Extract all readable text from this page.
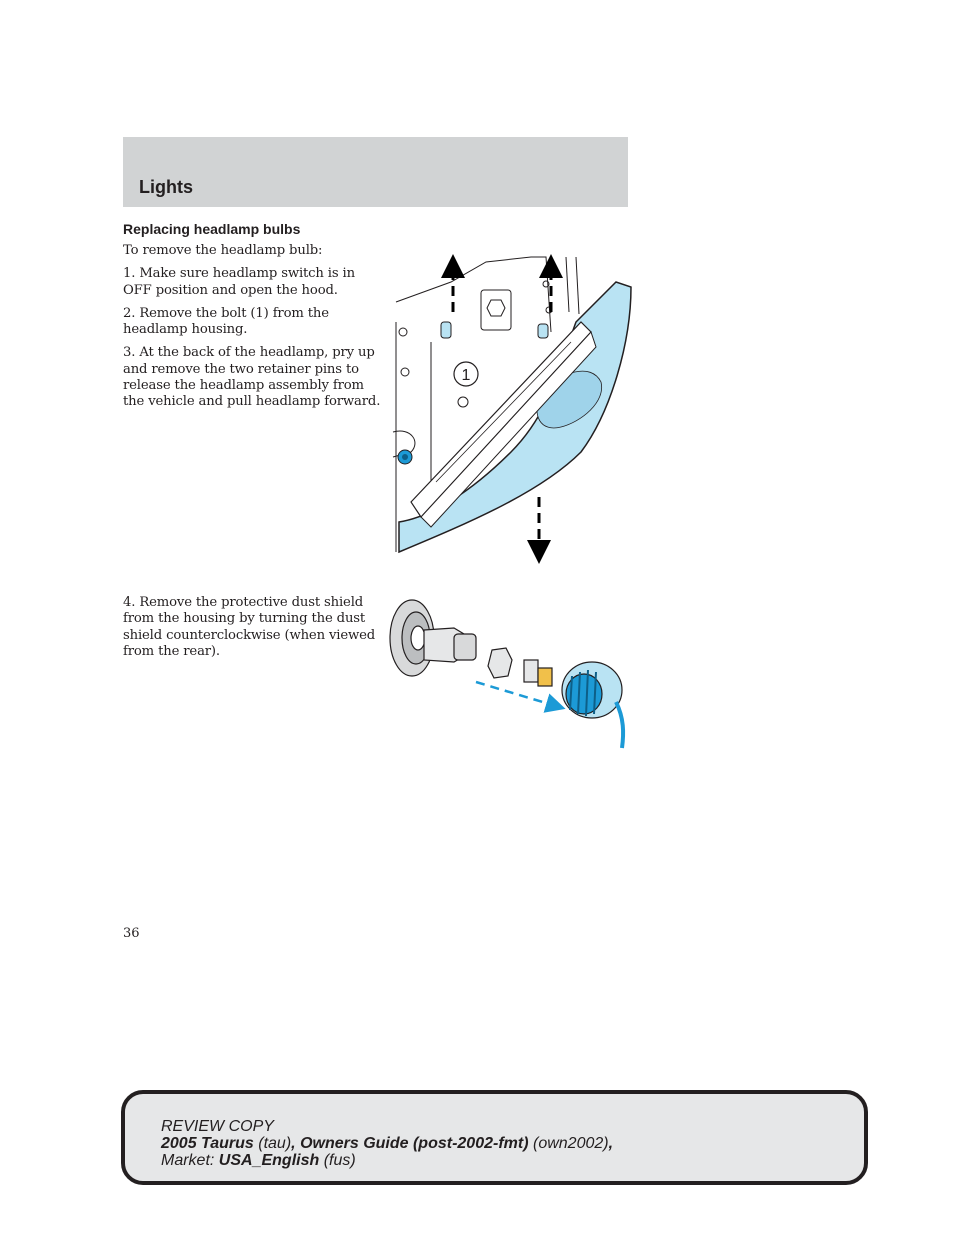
Lights
Replacing headlamp bulbs

To remove the headlamp bulb:

1. Make sure headlamp switch is in OFF position and open the hood.

2. Remove the bolt (1) from the headlamp housing.

3. At the back of the headlamp, pry up and remove the two retainer pins to release the headlamp assembly from the vehicle and pull headlamp forward.

4. Remove the protective dust shield from the housing by turning the dust shield counterclockwise (when viewed from the rear).

1
36
REVIEW COPY
2005 Taurus (tau), Owners Guide (post-2002-fmt) (own2002),
Market: USA_English (fus)
